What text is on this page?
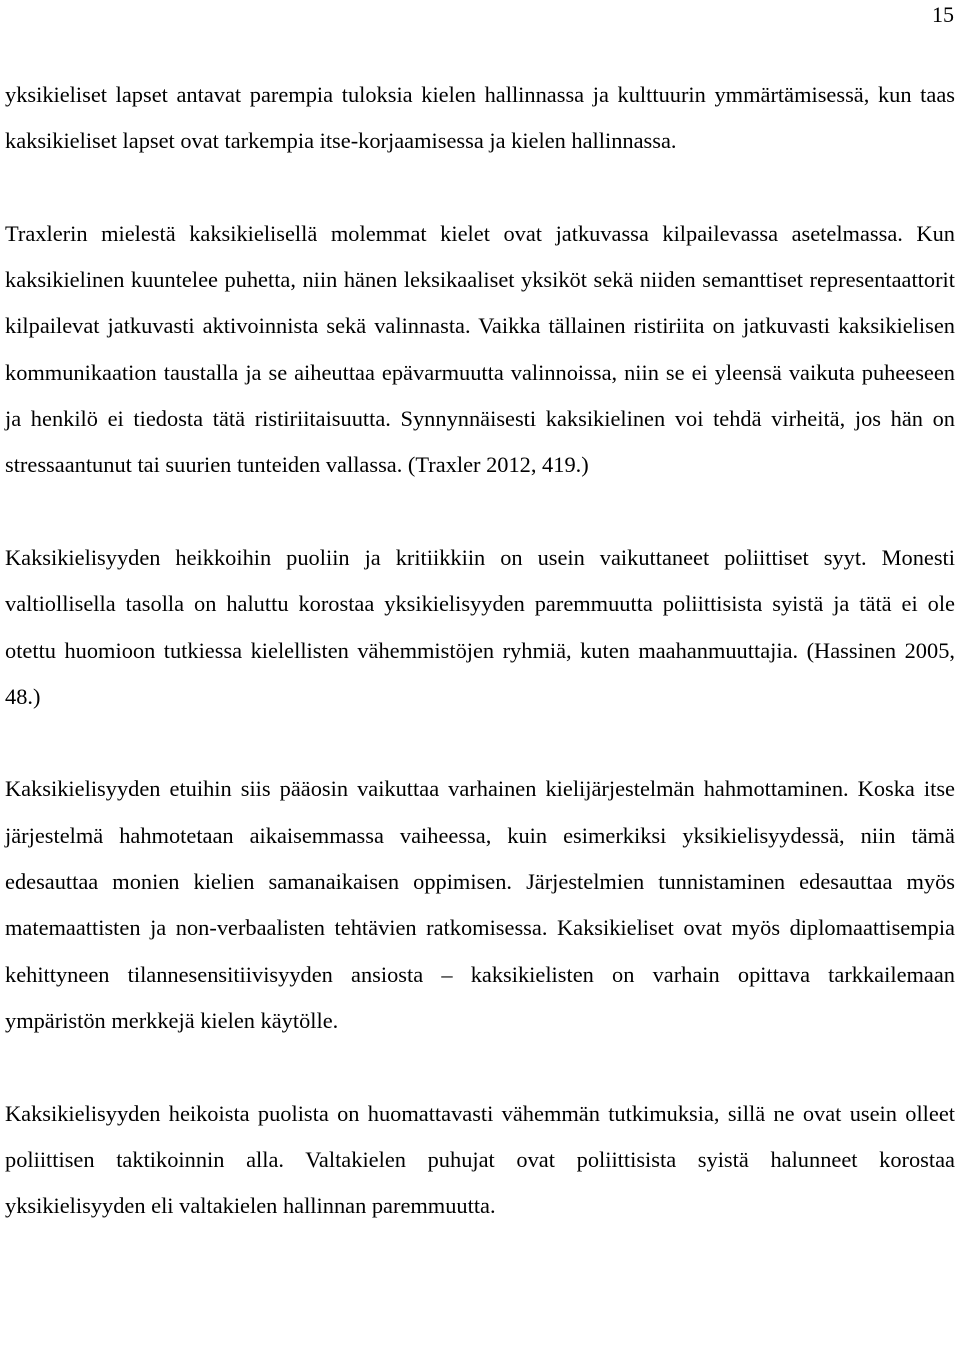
15

yksikieliset lapset antavat parempia tuloksia kielen hallinnassa ja kulttuurin ymmärtämisessä, kun taas kaksikieliset lapset ovat tarkempia itse-korjaamisessa ja kielen hallinnassa.

Traxlerin mielestä kaksikielisellä molemmat kielet ovat jatkuvassa kilpailevassa asetelmassa. Kun kaksikielinen kuuntelee puhetta, niin hänen leksikaaliset yksiköt sekä niiden semanttiset representaattorit kilpailevat jatkuvasti aktivoinnista sekä valinnasta. Vaikka tällainen ristiriita on jatkuvasti kaksikielisen kommunikaation taustalla ja se aiheuttaa epävarmuutta valinnoissa, niin se ei yleensä vaikuta puheeseen ja henkilö ei tiedosta tätä ristiriitaisuutta. Synnynnäisesti kaksikielinen voi tehdä virheitä, jos hän on stressaantunut tai suurien tunteiden vallassa. (Traxler 2012, 419.)

Kaksikielisyyden heikkoihin puoliin ja kritiikkiin on usein vaikuttaneet poliittiset syyt. Monesti valtiollisella tasolla on haluttu korostaa yksikielisyyden paremmuutta poliittisista syistä ja tätä ei ole otettu huomioon tutkiessa kielellisten vähemmistöjen ryhmiä, kuten maahanmuuttajia. (Hassinen 2005, 48.)

Kaksikielisyyden etuihin siis pääosin vaikuttaa varhainen kielijärjestelmän hahmottaminen. Koska itse järjestelmä hahmotetaan aikaisemmassa vaiheessa, kuin esimerkiksi yksikielisyydessä, niin tämä edesauttaa monien kielien samanaikaisen oppimisen. Järjestelmien tunnistaminen edesauttaa myös matemaattisten ja non-verbaalisten tehtävien ratkomisessa. Kaksikieliset ovat myös diplomaattisempia kehittyneen tilannesensitiivisyyden ansiosta – kaksikielisten on varhain opittava tarkkailemaan ympäristön merkkejä kielen käytölle.

Kaksikielisyyden heikoista puolista on huomattavasti vähemmän tutkimuksia, sillä ne ovat usein olleet poliittisen taktikoinnin alla. Valtakielen puhujat ovat poliittisista syistä halunneet korostaa yksikielisyyden eli valtakielen hallinnan paremmuutta.
